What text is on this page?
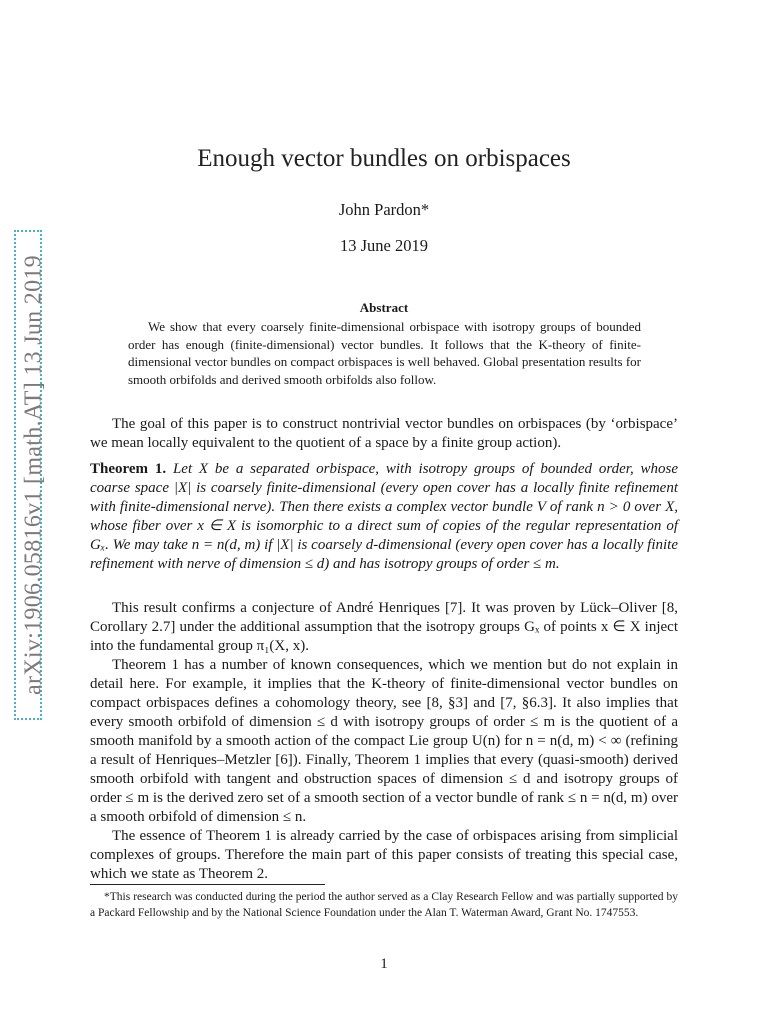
arXiv:1906.05816v1 [math.AT] 13 Jun 2019
Enough vector bundles on orbispaces
John Pardon*
13 June 2019
Abstract
We show that every coarsely finite-dimensional orbispace with isotropy groups of bounded order has enough (finite-dimensional) vector bundles. It follows that the K-theory of finite-dimensional vector bundles on compact orbispaces is well behaved. Global presentation results for smooth orbifolds and derived smooth orbifolds also follow.
The goal of this paper is to construct nontrivial vector bundles on orbispaces (by ‘orbispace’ we mean locally equivalent to the quotient of a space by a finite group action).
Theorem 1. Let X be a separated orbispace, with isotropy groups of bounded order, whose coarse space |X| is coarsely finite-dimensional (every open cover has a locally finite refinement with finite-dimensional nerve). Then there exists a complex vector bundle V of rank n > 0 over X, whose fiber over x ∈ X is isomorphic to a direct sum of copies of the regular representation of Gₓ. We may take n = n(d, m) if |X| is coarsely d-dimensional (every open cover has a locally finite refinement with nerve of dimension ≤ d) and has isotropy groups of order ≤ m.
This result confirms a conjecture of André Henriques [7]. It was proven by Lück–Oliver [8, Corollary 2.7] under the additional assumption that the isotropy groups Gₓ of points x ∈ X inject into the fundamental group π₁(X, x).
Theorem 1 has a number of known consequences, which we mention but do not explain in detail here. For example, it implies that the K-theory of finite-dimensional vector bundles on compact orbispaces defines a cohomology theory, see [8, §3] and [7, §6.3]. It also implies that every smooth orbifold of dimension ≤ d with isotropy groups of order ≤ m is the quotient of a smooth manifold by a smooth action of the compact Lie group U(n) for n = n(d, m) < ∞ (refining a result of Henriques–Metzler [6]). Finally, Theorem 1 implies that every (quasi-smooth) derived smooth orbifold with tangent and obstruction spaces of dimension ≤ d and isotropy groups of order ≤ m is the derived zero set of a smooth section of a vector bundle of rank ≤ n = n(d, m) over a smooth orbifold of dimension ≤ n.
The essence of Theorem 1 is already carried by the case of orbispaces arising from simplicial complexes of groups. Therefore the main part of this paper consists of treating this special case, which we state as Theorem 2.
*This research was conducted during the period the author served as a Clay Research Fellow and was partially supported by a Packard Fellowship and by the National Science Foundation under the Alan T. Waterman Award, Grant No. 1747553.
1
